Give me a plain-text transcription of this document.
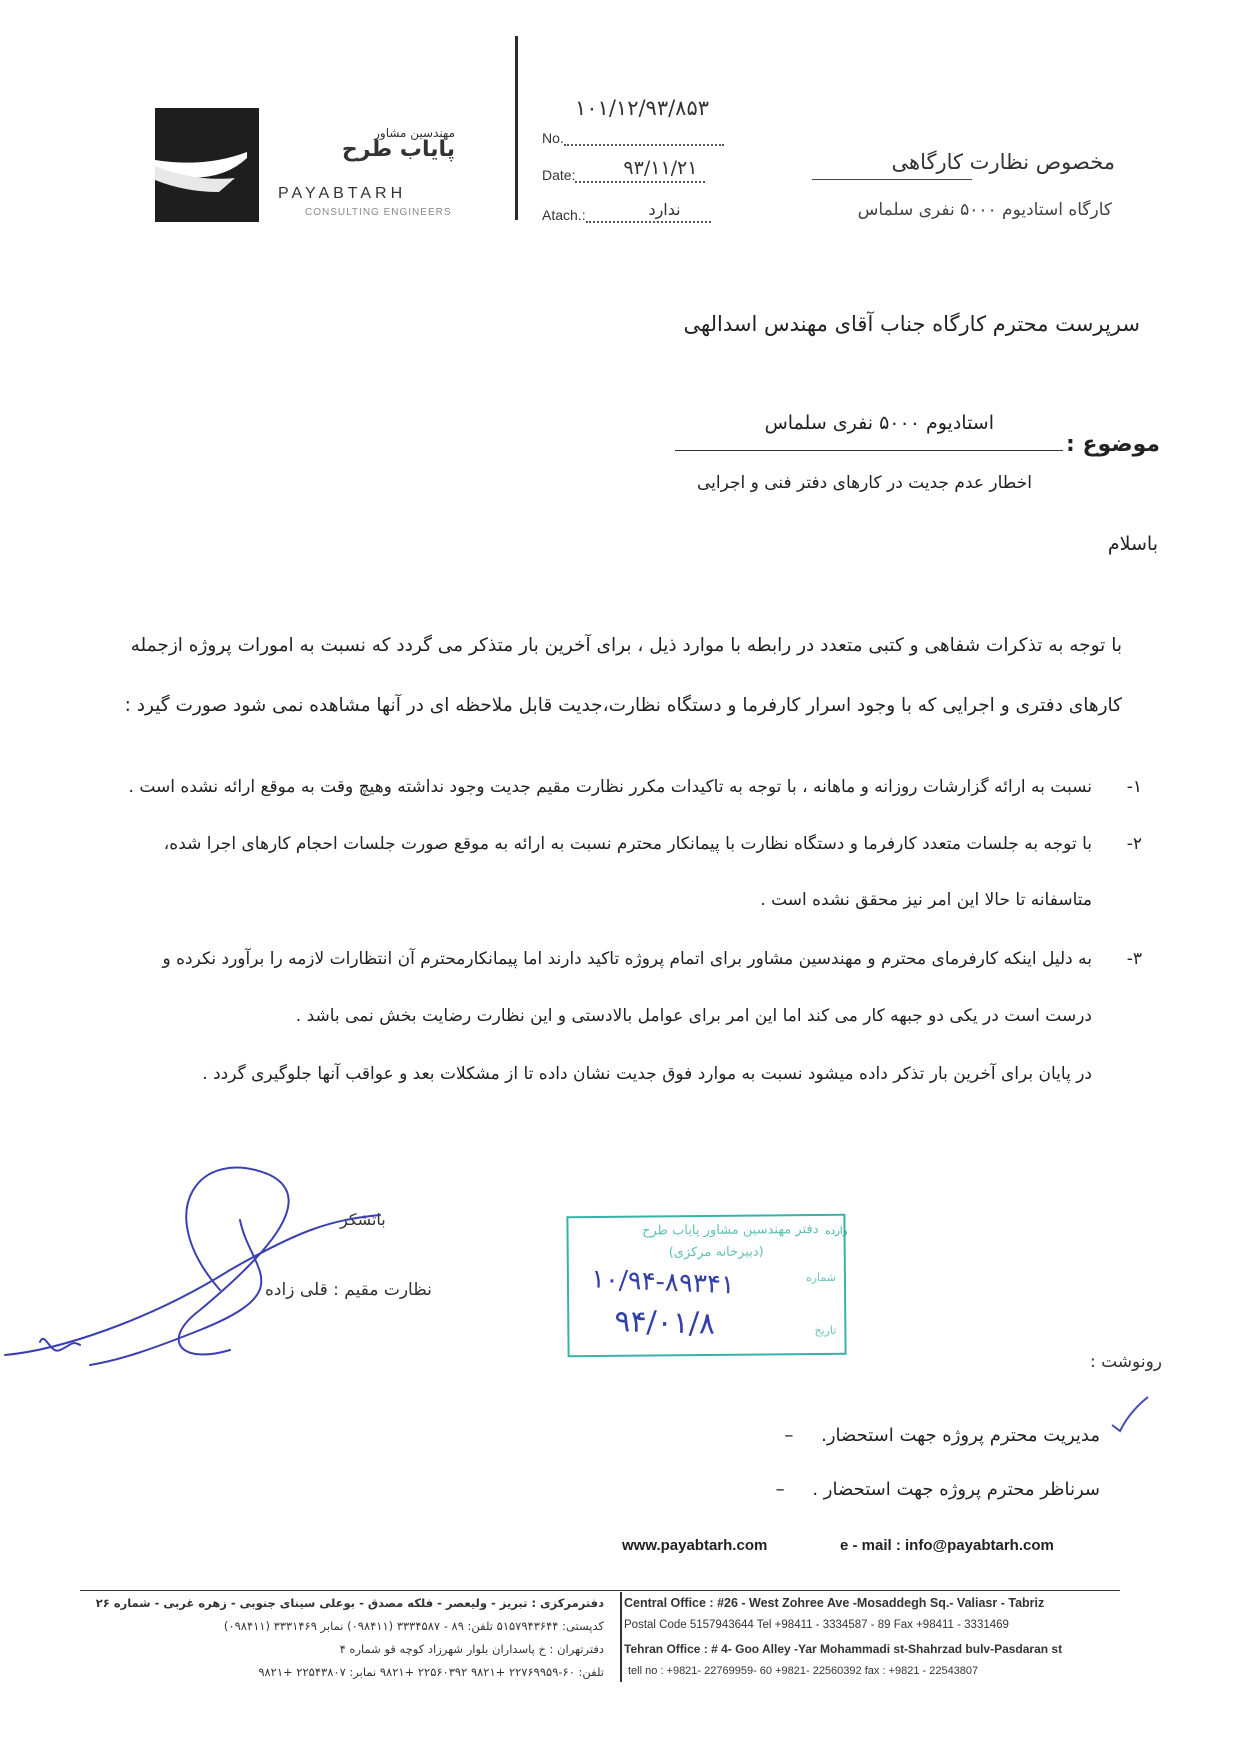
مهندسین مشاور
پایاب طرح
PAYABTARH
CONSULTING ENGINEERS
۱۰۱/۱۲/۹۳/۸۵۳
No.
Date:	۹۳/۱۱/۲۱
Atach.:	ندارد
مخصوص نظارت کارگاهی
کارگاه استادیوم ۵۰۰۰ نفری سلماس
سرپرست محترم کارگاه جناب آقای مهندس اسدالهی
موضوع :
استادیوم ۵۰۰۰ نفری سلماس
اخطار عدم جدیت در کارهای دفتر فنی و اجرایی
باسلام
با توجه به تذکرات شفاهی و کتبی متعدد در رابطه با موارد ذیل ، برای آخرین بار متذکر می گردد که نسبت به امورات پروژه ازجمله
کارهای دفتری و اجرایی که با وجود اسرار کارفرما و دستگاه نظارت،جدیت قابل ملاحظه ای در آنها مشاهده نمی شود صورت گیرد :
۱-
نسبت به ارائه گزارشات روزانه و ماهانه ، با توجه به تاکیدات مکرر نظارت مقیم جدیت وجود نداشته وهیچ وقت به موقع ارائه نشده است .
۲-
با توجه به جلسات متعدد کارفرما و دستگاه نظارت با پیمانکار محترم نسبت به ارائه به موقع صورت جلسات احجام کارهای اجرا شده،
متاسفانه تا حالا این امر نیز محقق نشده است .
۳-
به دلیل اینکه کارفرمای محترم و مهندسین مشاور برای اتمام پروژه تاکید دارند اما پیمانکارمحترم آن انتظارات لازمه را برآورد نکرده و
درست است در یکی دو جبهه کار می کند اما این امر برای عوامل بالادستی و این نظارت رضایت بخش نمی باشد .
در پایان برای آخرین بار تذکر داده میشود نسبت به موارد فوق جدیت نشان داده تا از مشکلات بعد و عواقب آنها جلوگیری گردد .
باتشکر
نظارت مقیم : قلی زاده
وارده
دفتر مهندسین مشاور پایاب طرح
(دبیرخانه مرکزی)
شماره
تاریخ
۱۰/۹۴-۸۹۳۴۱
۹۴/۰۱/۸
رونوشت :
مدیریت محترم پروژه جهت استحضار. –
سرناظر محترم پروژه جهت استحضار . –
www.payabtarh.com	e - mail : info@payabtarh.com
Central Office : #26 - West Zohree Ave -Mosaddegh Sq.- Valiasr - Tabriz
Postal Code 5157943644 Tel +98411 - 3334587 - 89 Fax +98411 - 3331469
Tehran Office : # 4- Goo Alley -Yar Mohammadi st-Shahrzad bulv-Pasdaran st
tell no : +9821- 22769959- 60 +9821- 22560392 fax : +9821 - 22543807
دفترمرکزی : تبریز - ولیعصر - فلکه مصدق - بوعلی سینای جنوبی - زهره غربی - شماره ۲۶
کدپستی: ۵۱۵۷۹۴۳۶۴۴ تلفن: ۸۹ - ۳۳۳۴۵۸۷ (۰۹۸۴۱۱) نمابر ۳۳۳۱۴۶۹ (۰۹۸۴۱۱)
دفترتهران : خ پاسداران بلوار شهرزاد کوچه قو شماره ۴
تلفن: ۶۰-۲۲۷۶۹۹۵۹ +۹۸۲۱ ۲۲۵۶۰۳۹۲ +۹۸۲۱ نمابر: ۲۲۵۴۳۸۰۷ +۹۸۲۱
